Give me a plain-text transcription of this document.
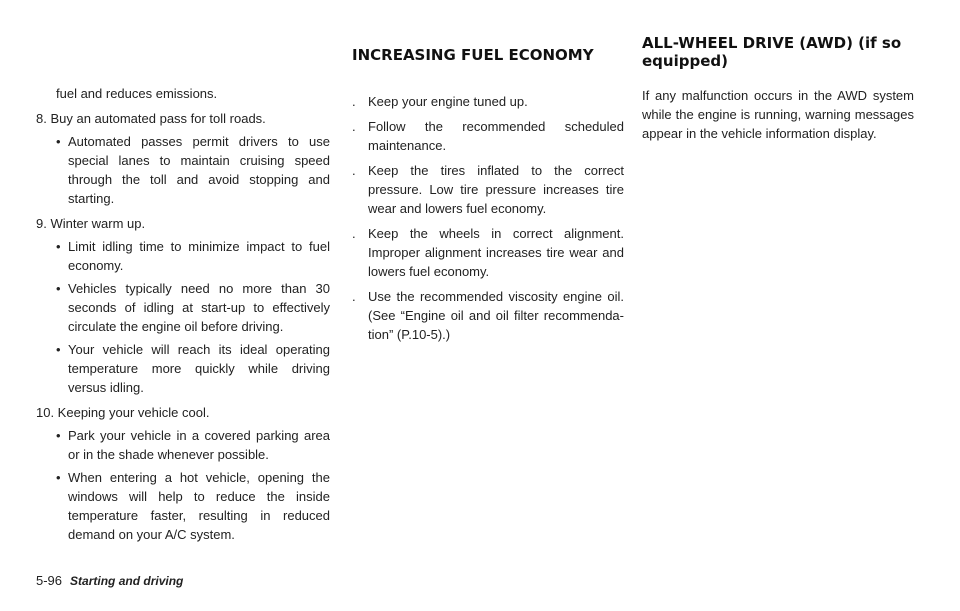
fuel and reduces emissions.

8. Buy an automated pass for toll roads.

• Automated passes permit drivers to use special lanes to maintain cruising speed through the toll and avoid stopping and starting.

9. Winter warm up.

• Limit idling time to minimize impact to fuel economy.
• Vehicles typically need no more than 30 seconds of idling at start-up to effectively circulate the engine oil before driving.
• Your vehicle will reach its ideal operating temperature more quickly while driving versus idling.

10. Keeping your vehicle cool.

• Park your vehicle in a covered parking area or in the shade whenever possible.
• When entering a hot vehicle, opening the windows will help to reduce the inside temperature faster, resulting in reduced demand on your A/C system.
INCREASING FUEL ECONOMY
. Keep your engine tuned up.
. Follow the recommended scheduled maintenance.
. Keep the tires inflated to the correct pressure. Low tire pressure increases tire wear and lowers fuel economy.
. Keep the wheels in correct alignment. Improper alignment increases tire wear and lowers fuel economy.
. Use the recommended viscosity engine oil. (See “Engine oil and oil filter recommenda-tion” (P.10-5).)
ALL-WHEEL DRIVE (AWD) (if so equipped)

If any malfunction occurs in the AWD system while the engine is running, warning messages appear in the vehicle information display.

5-96 Starting and driving
